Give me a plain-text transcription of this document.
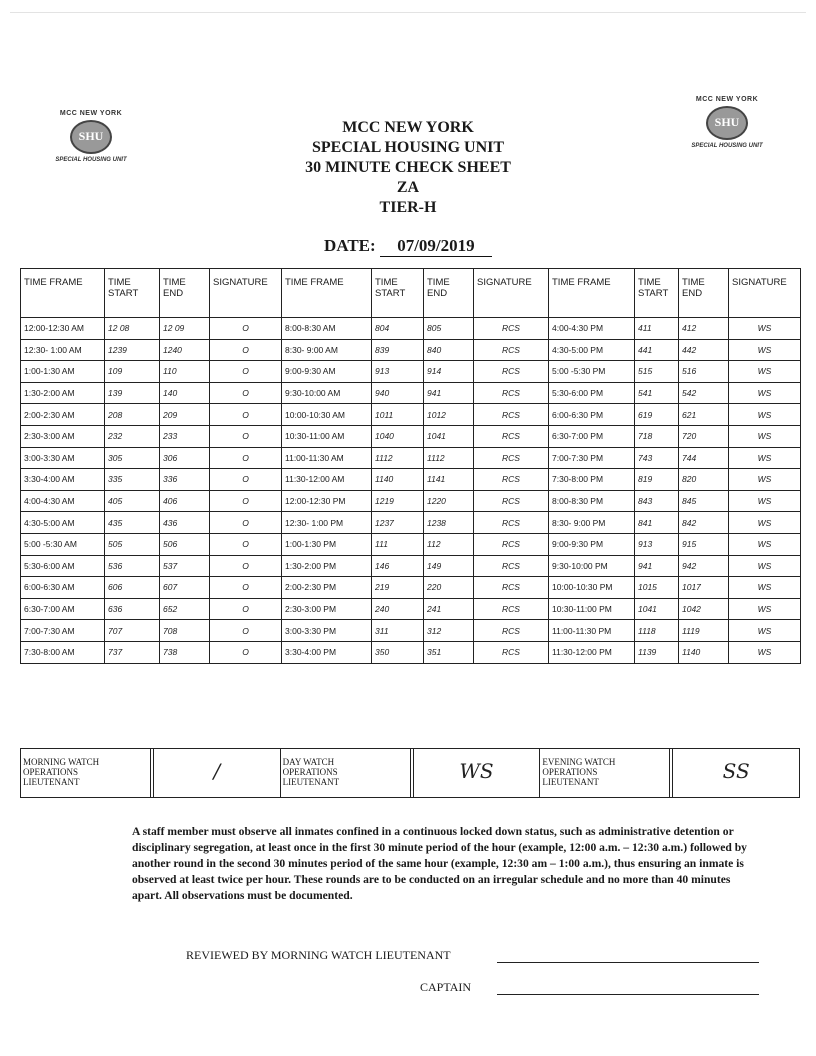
MCC NEW YORK
SHU
SPECIAL HOUSING UNIT
MCC NEW YORK
SHU
SPECIAL HOUSING UNIT
MCC NEW YORK
SPECIAL HOUSING UNIT
30 MINUTE CHECK SHEET
ZA
TIER-H
DATE: 07/09/2019
TIME FRAME	TIME START	TIME END	SIGNATURE	TIME FRAME	TIME START	TIME END	SIGNATURE	TIME FRAME	TIME START	TIME END	SIGNATURE
12:00-12:30 AM	12 08	12 09	O	8:00-8:30 AM	804	805	RCS	4:00-4:30 PM	411	412	WS
12:30- 1:00 AM	1239	1240	O	8:30- 9:00 AM	839	840	RCS	4:30-5:00 PM	441	442	WS
1:00-1:30 AM	109	110	O	9:00-9:30 AM	913	914	RCS	5:00 -5:30 PM	515	516	WS
1:30-2:00 AM	139	140	O	9:30-10:00 AM	940	941	RCS	5:30-6:00 PM	541	542	WS
2:00-2:30 AM	208	209	O	10:00-10:30 AM	1011	1012	RCS	6:00-6:30 PM	619	621	WS
2:30-3:00 AM	232	233	O	10:30-11:00 AM	1040	1041	RCS	6:30-7:00 PM	718	720	WS
3:00-3:30 AM	305	306	O	11:00-11:30 AM	1112	1112	RCS	7:00-7:30 PM	743	744	WS
3:30-4:00 AM	335	336	O	11:30-12:00 AM	1140	1141	RCS	7:30-8:00 PM	819	820	WS
4:00-4:30 AM	405	406	O	12:00-12:30 PM	1219	1220	RCS	8:00-8:30 PM	843	845	WS
4:30-5:00 AM	435	436	O	12:30- 1:00 PM	1237	1238	RCS	8:30- 9:00 PM	841	842	WS
5:00 -5:30 AM	505	506	O	1:00-1:30 PM	111	112	RCS	9:00-9:30 PM	913	915	WS
5:30-6:00 AM	536	537	O	1:30-2:00 PM	146	149	RCS	9:30-10:00 PM	941	942	WS
6:00-6:30 AM	606	607	O	2:00-2:30 PM	219	220	RCS	10:00-10:30 PM	1015	1017	WS
6:30-7:00 AM	636	652	O	2:30-3:00 PM	240	241	RCS	10:30-11:00 PM	1041	1042	WS
7:00-7:30 AM	707	708	O	3:00-3:30 PM	311	312	RCS	11:00-11:30 PM	1118	1119	WS
7:30-8:00 AM	737	738	O	3:30-4:00 PM	350	351	RCS	11:30-12:00 PM	1139	1140	WS
MORNING WATCH
OPERATIONS
LIEUTENANT	/	DAY WATCH
OPERATIONS
LIEUTENANT	WS	EVENING WATCH
OPERATIONS
LIEUTENANT	SS
A staff member must observe all inmates confined in a continuous locked down status, such as administrative detention or disciplinary segregation, at least once in the first 30 minute period of the hour (example, 12:00 a.m. – 12:30 a.m.) followed by another round in the second 30 minutes period of the same hour (example, 12:30 am – 1:00 a.m.), thus ensuring an inmate is observed at least twice per hour. These rounds are to be conducted on an irregular schedule and no more than 40 minutes apart. All observations must be documented.
REVIEWED BY MORNING WATCH LIEUTENANT
CAPTAIN
